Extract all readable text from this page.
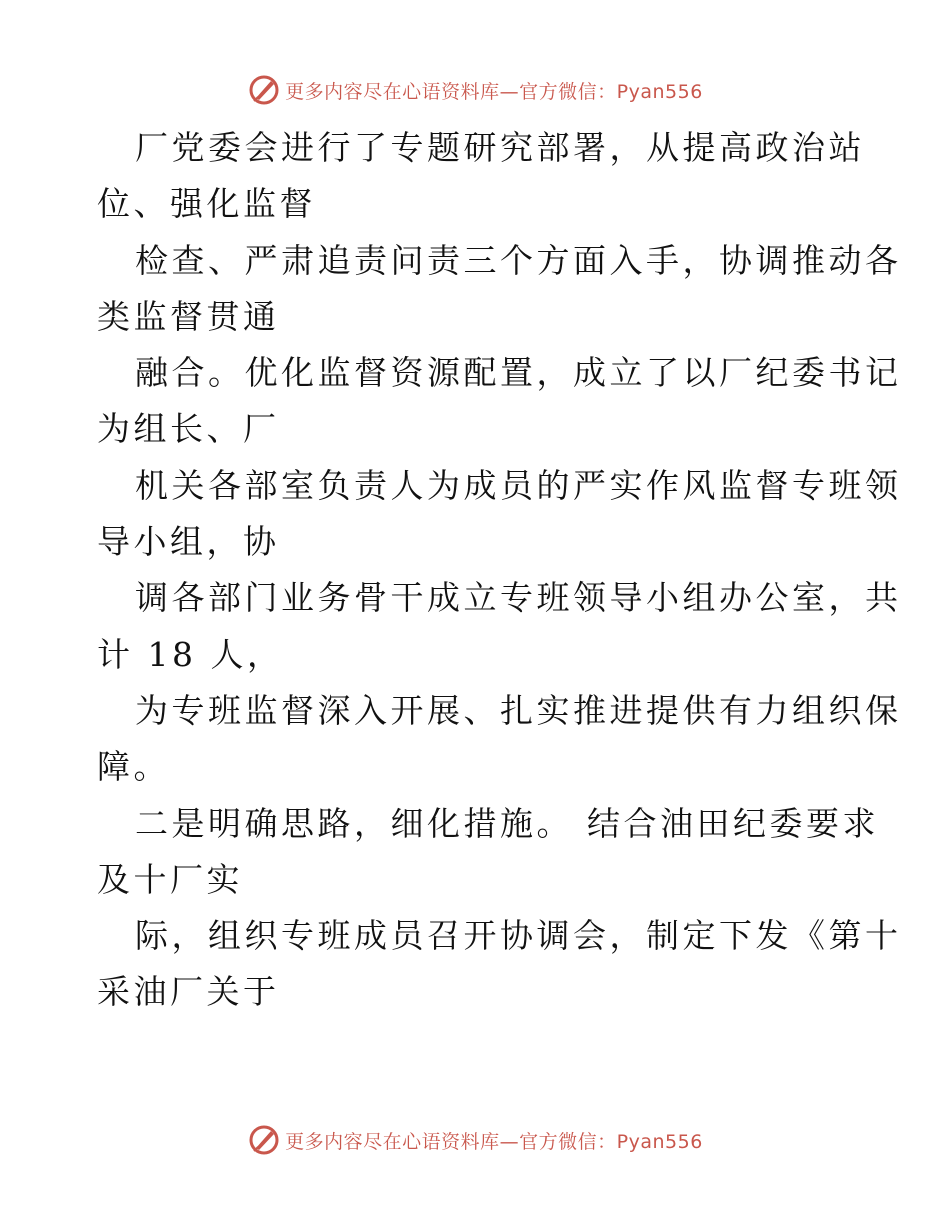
更多内容尽在心语资料库—官方微信：Pyan556
厂党委会进行了专题研究部署，从提高政治站
位、强化监督
检查、严肃追责问责三个方面入手，协调推动各
类监督贯通
融合。优化监督资源配置，成立了以厂纪委书记
为组长、厂
机关各部室负责人为成员的严实作风监督专班领
导小组，协
调各部门业务骨干成立专班领导小组办公室，共
计 18 人，
为专班监督深入开展、扎实推进提供有力组织保
障。
二是明确思路，细化措施。 结合油田纪委要求
及十厂实
际，组织专班成员召开协调会，制定下发《第十
采油厂关于
更多内容尽在心语资料库—官方微信：Pyan556
